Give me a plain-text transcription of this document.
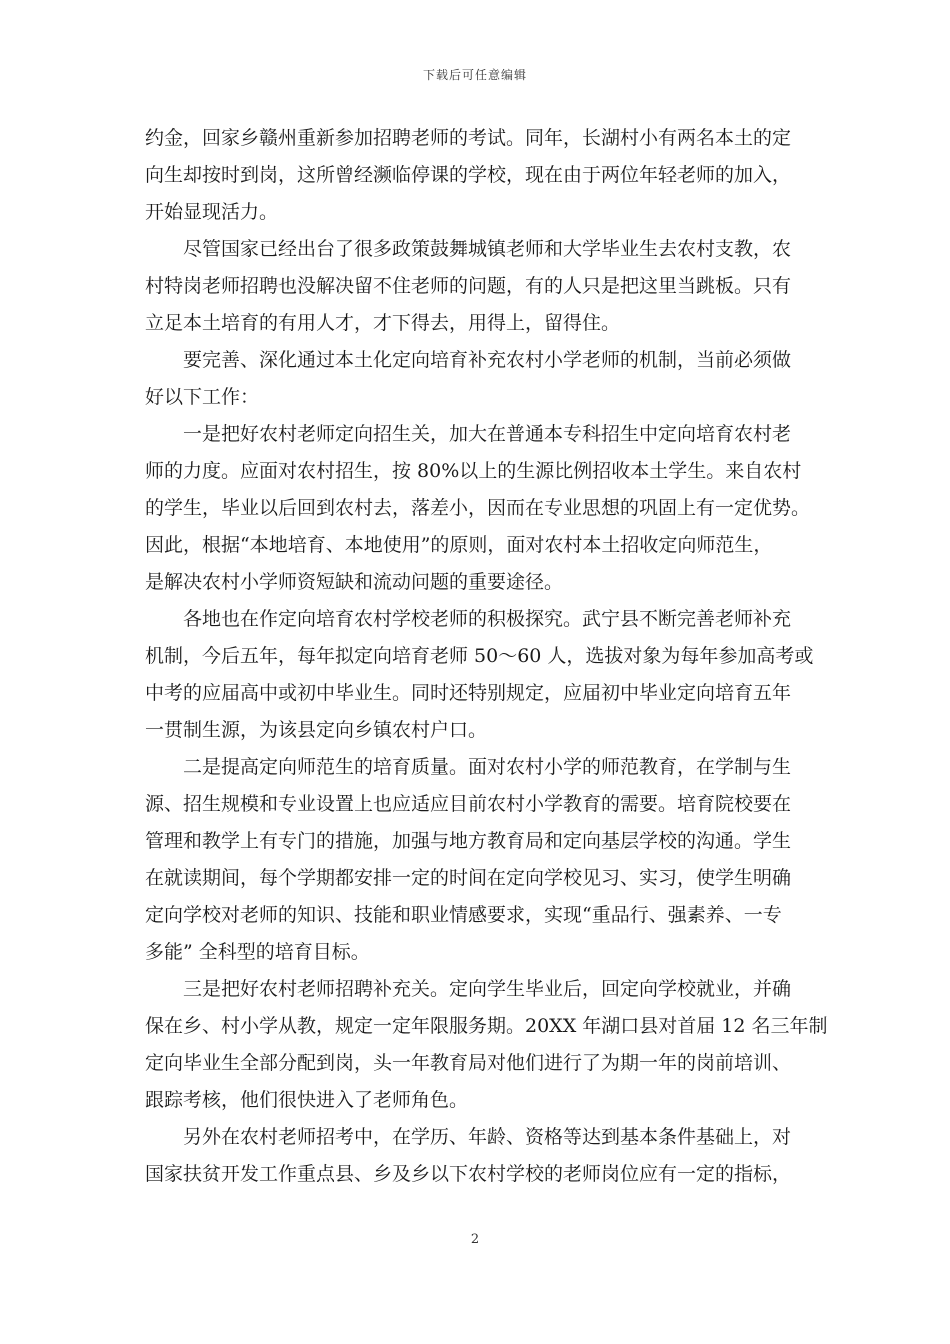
下载后可任意编辑
约金，回家乡赣州重新参加招聘老师的考试。同年，长湖村小有两名本土的定
向生却按时到岗，这所曾经濒临停课的学校，现在由于两位年轻老师的加入，
开始显现活力。
尽管国家已经出台了很多政策鼓舞城镇老师和大学毕业生去农村支教，农
村特岗老师招聘也没解决留不住老师的问题，有的人只是把这里当跳板。只有
立足本土培育的有用人才，才下得去，用得上，留得住。
要完善、深化通过本土化定向培育补充农村小学老师的机制，当前必须做
好以下工作：
一是把好农村老师定向招生关，加大在普通本专科招生中定向培育农村老
师的力度。应面对农村招生，按 80%以上的生源比例招收本土学生。来自农村
的学生，毕业以后回到农村去，落差小，因而在专业思想的巩固上有一定优势。
因此，根据“本地培育、本地使用”的原则，面对农村本土招收定向师范生，
是解决农村小学师资短缺和流动问题的重要途径。
各地也在作定向培育农村学校老师的积极探究。武宁县不断完善老师补充
机制，今后五年，每年拟定向培育老师 50～60 人，选拔对象为每年参加高考或
中考的应届高中或初中毕业生。同时还特别规定，应届初中毕业定向培育五年
一贯制生源，为该县定向乡镇农村户口。
二是提高定向师范生的培育质量。面对农村小学的师范教育，在学制与生
源、招生规模和专业设置上也应适应目前农村小学教育的需要。培育院校要在
管理和教学上有专门的措施，加强与地方教育局和定向基层学校的沟通。学生
在就读期间，每个学期都安排一定的时间在定向学校见习、实习，使学生明确
定向学校对老师的知识、技能和职业情感要求，实现“重品行、强素养、一专
多能” 全科型的培育目标。
三是把好农村老师招聘补充关。定向学生毕业后，回定向学校就业，并确
保在乡、村小学从教，规定一定年限服务期。20XX 年湖口县对首届 12 名三年制
定向毕业生全部分配到岗，头一年教育局对他们进行了为期一年的岗前培训、
跟踪考核，他们很快进入了老师角色。
另外在农村老师招考中，在学历、年龄、资格等达到基本条件基础上，对
国家扶贫开发工作重点县、乡及乡以下农村学校的老师岗位应有一定的指标，
2
